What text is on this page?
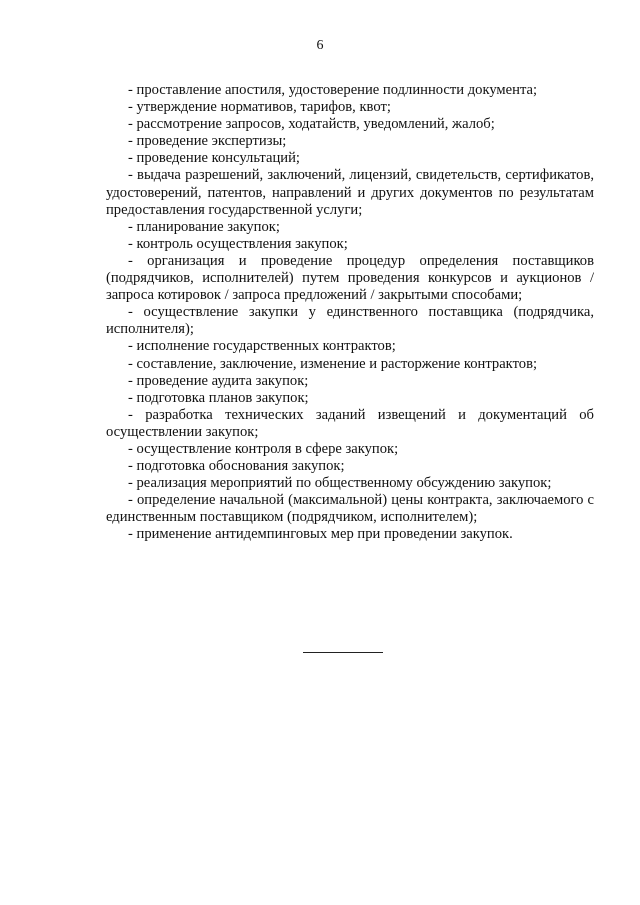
6

- проставление апостиля, удостоверение подлинности документа;

- утверждение нормативов, тарифов, квот;

- рассмотрение запросов, ходатайств, уведомлений, жалоб;

- проведение экспертизы;

- проведение консультаций;

- выдача разрешений, заключений, лицензий, свидетельств, сертификатов, удостоверений, патентов, направлений и других документов по результатам предоставления государственной услуги;

- планирование закупок;

- контроль осуществления закупок;

- организация и проведение процедур определения поставщиков (подрядчиков, исполнителей) путем проведения конкурсов и аукционов / запроса котировок / запроса предложений / закрытыми способами;

- осуществление закупки у единственного поставщика (подрядчика, исполнителя);

- исполнение государственных контрактов;

- составление, заключение, изменение и расторжение контрактов;

- проведение аудита закупок;

- подготовка планов закупок;

- разработка технических заданий извещений и документаций об осуществлении закупок;

- осуществление контроля в сфере закупок;

- подготовка обоснования закупок;

- реализация мероприятий по общественному обсуждению закупок;

- определение начальной (максимальной) цены контракта, заключаемого с единственным поставщиком (подрядчиком, исполнителем);

- применение антидемпинговых мер при проведении закупок.
